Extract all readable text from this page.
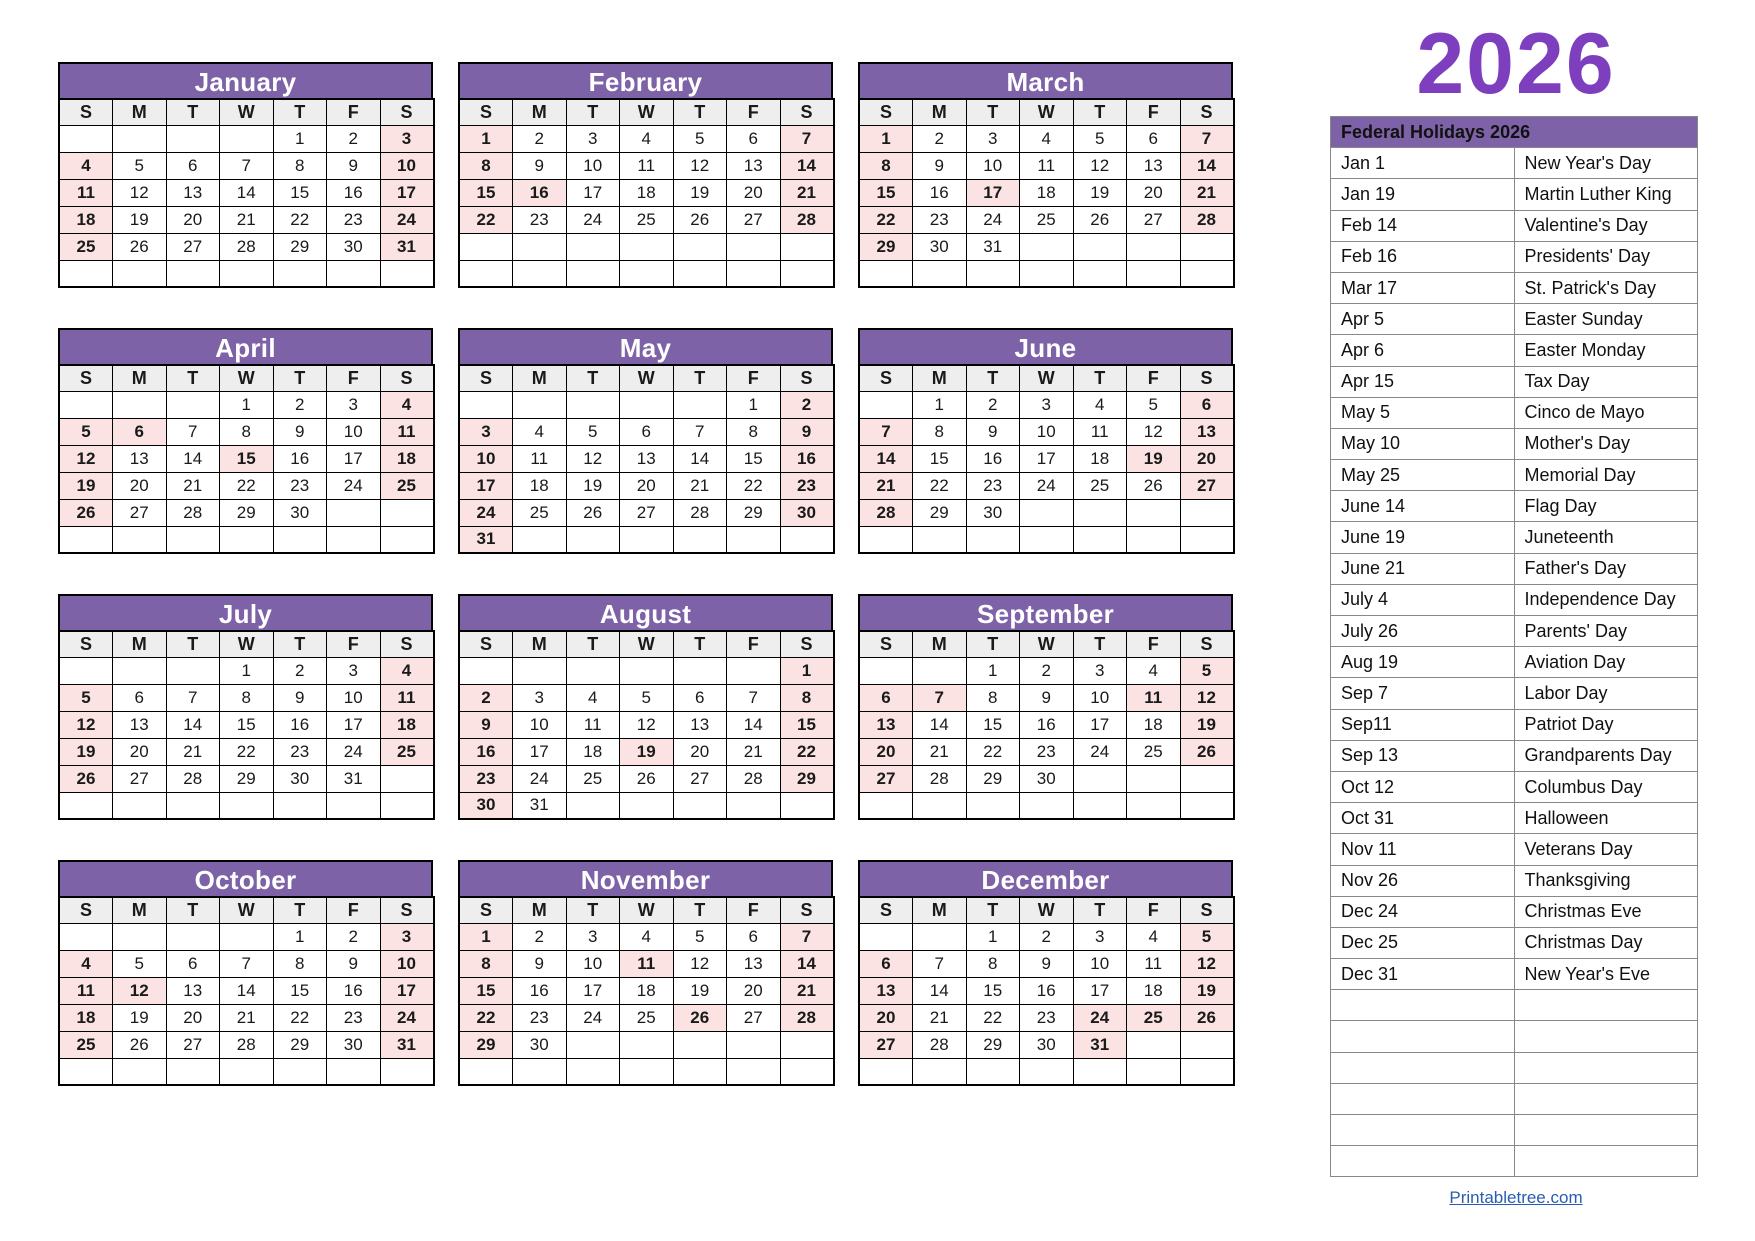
January
S	M	T	W	T	F	S
				1	2	3
4	5	6	7	8	9	10
11	12	13	14	15	16	17
18	19	20	21	22	23	24
25	26	27	28	29	30	31

February
S	M	T	W	T	F	S
1	2	3	4	5	6	7
8	9	10	11	12	13	14
15	16	17	18	19	20	21
22	23	24	25	26	27	28

March
S	M	T	W	T	F	S
1	2	3	4	5	6	7
8	9	10	11	12	13	14
15	16	17	18	19	20	21
22	23	24	25	26	27	28
29	30	31				

April
S	M	T	W	T	F	S
			1	2	3	4
5	6	7	8	9	10	11
12	13	14	15	16	17	18
19	20	21	22	23	24	25
26	27	28	29	30		

May
S	M	T	W	T	F	S
					1	2
3	4	5	6	7	8	9
10	11	12	13	14	15	16
17	18	19	20	21	22	23
24	25	26	27	28	29	30
31						
June
S	M	T	W	T	F	S
	1	2	3	4	5	6
7	8	9	10	11	12	13
14	15	16	17	18	19	20
21	22	23	24	25	26	27
28	29	30				

July
S	M	T	W	T	F	S
			1	2	3	4
5	6	7	8	9	10	11
12	13	14	15	16	17	18
19	20	21	22	23	24	25
26	27	28	29	30	31	

August
S	M	T	W	T	F	S
						1
2	3	4	5	6	7	8
9	10	11	12	13	14	15
16	17	18	19	20	21	22
23	24	25	26	27	28	29
30	31					
September
S	M	T	W	T	F	S
		1	2	3	4	5
6	7	8	9	10	11	12
13	14	15	16	17	18	19
20	21	22	23	24	25	26
27	28	29	30			

October
S	M	T	W	T	F	S
				1	2	3
4	5	6	7	8	9	10
11	12	13	14	15	16	17
18	19	20	21	22	23	24
25	26	27	28	29	30	31

November
S	M	T	W	T	F	S
1	2	3	4	5	6	7
8	9	10	11	12	13	14
15	16	17	18	19	20	21
22	23	24	25	26	27	28
29	30					

December
S	M	T	W	T	F	S
		1	2	3	4	5
6	7	8	9	10	11	12
13	14	15	16	17	18	19
20	21	22	23	24	25	26
27	28	29	30	31		

2026
Federal Holidays 2026	
Jan 1	New Year's Day
Jan 19	Martin Luther King
Feb 14	Valentine's Day
Feb 16	Presidents' Day
Mar 17	St. Patrick's Day
Apr 5	Easter Sunday
Apr 6	Easter Monday
Apr 15	Tax Day
May 5	Cinco de Mayo
May 10	Mother's Day
May 25	Memorial Day
June 14	Flag Day
June 19	Juneteenth
June 21	Father's Day
July 4	Independence Day
July 26	Parents' Day
Aug 19	Aviation Day
Sep 7	Labor Day
Sep11	Patriot Day
Sep 13	Grandparents Day
Oct 12	Columbus Day
Oct 31	Halloween
Nov 11	Veterans Day
Nov 26	Thanksgiving
Dec 24	Christmas Eve
Dec 25	Christmas Day
Dec 31	New Year's Eve

Printabletree.com
